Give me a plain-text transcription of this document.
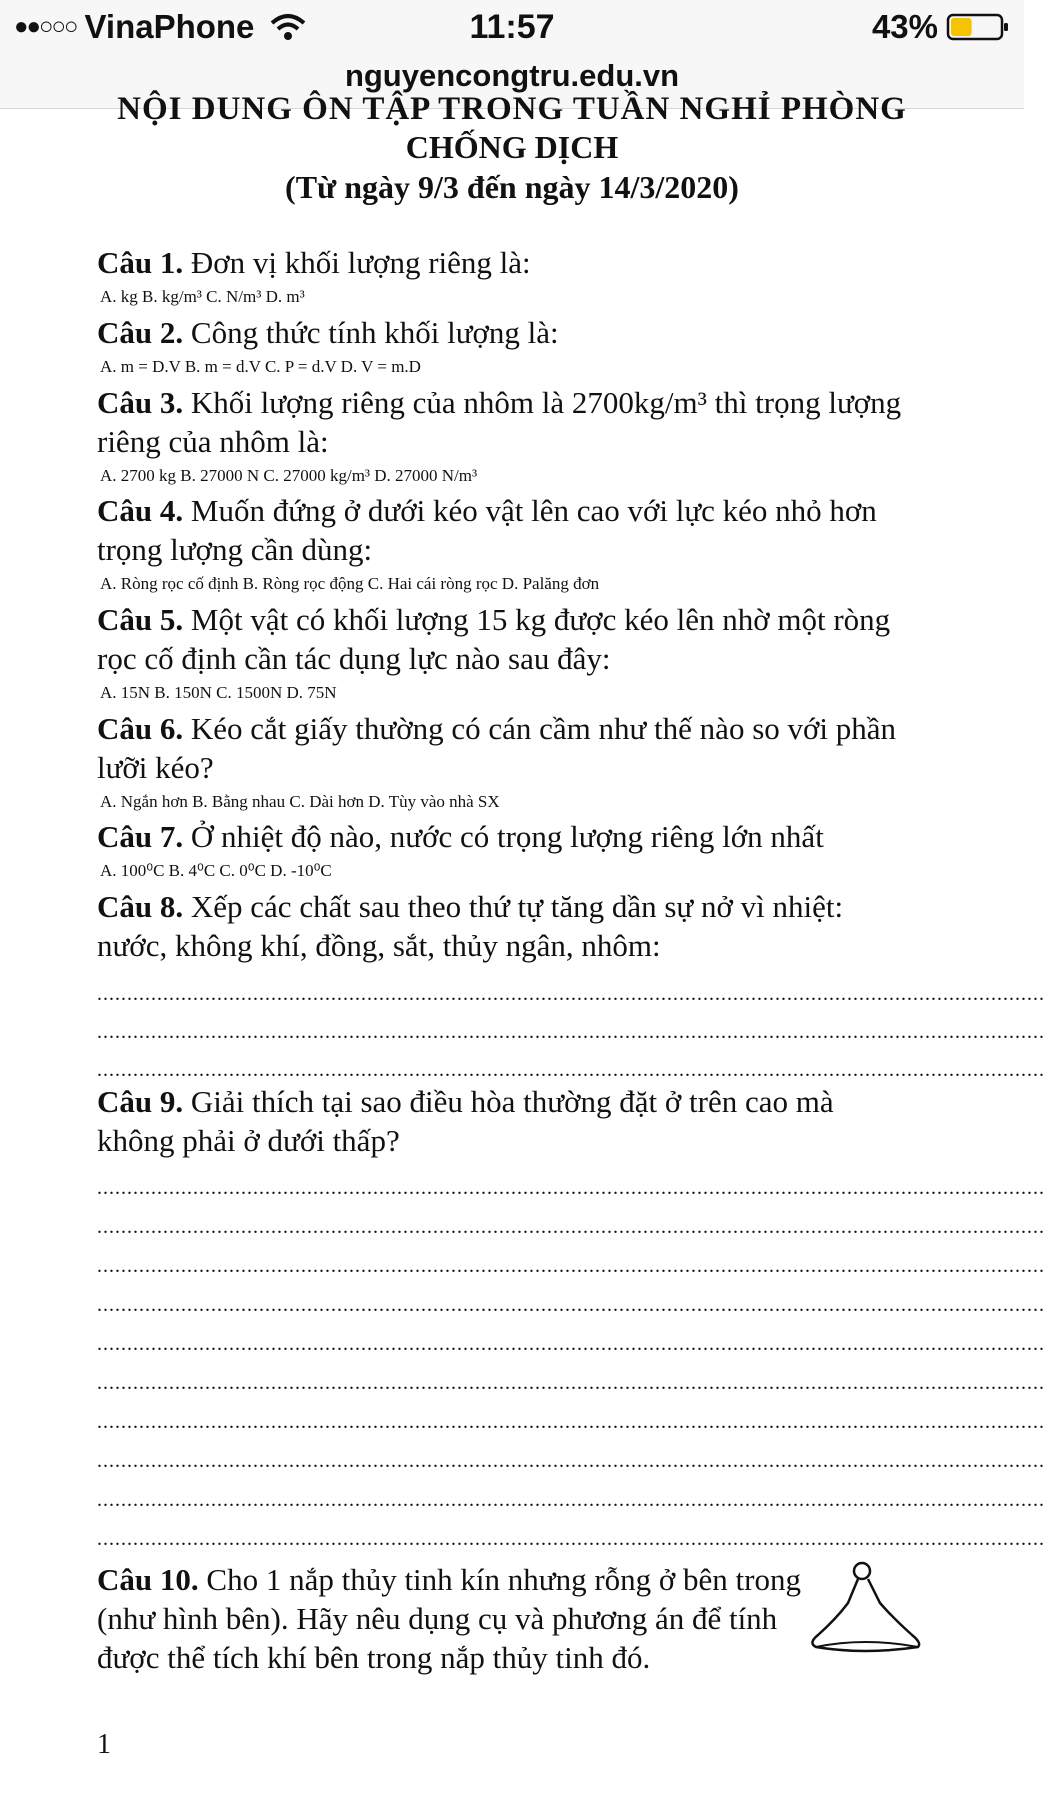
●●○○○ VinaPhone	11:57	43%
nguyencongtru.edu.vn
NỘI DUNG ÔN TẬP TRONG TUẦN NGHỈ PHÒNG
CHỐNG DỊCH
(Từ ngày 9/3 đến ngày 14/3/2020)
Câu 1. Đơn vị khối lượng riêng là:
A. kg B. kg/m³ C. N/m³ D. m³
Câu 2. Công thức tính khối lượng là:
A. m = D.V B. m = d.V C. P = d.V D. V = m.D
Câu 3. Khối lượng riêng của nhôm là 2700kg/m³ thì trọng lượng riêng của nhôm là:
A. 2700 kg B. 27000 N C. 27000 kg/m³ D. 27000 N/m³
Câu 4. Muốn đứng ở dưới kéo vật lên cao với lực kéo nhỏ hơn trọng lượng cần dùng:
A. Ròng rọc cố định B. Ròng rọc động C. Hai cái ròng rọc D. Palăng đơn
Câu 5. Một vật có khối lượng 15 kg được kéo lên nhờ một ròng rọc cố định cần tác dụng lực nào sau đây:
A. 15N B. 150N C. 1500N D. 75N
Câu 6. Kéo cắt giấy thường có cán cầm như thế nào so với phần lưỡi kéo?
A. Ngắn hơn B. Bằng nhau C. Dài hơn D. Tùy vào nhà SX
Câu 7. Ở nhiệt độ nào, nước có trọng lượng riêng lớn nhất
A. 100⁰C B. 4⁰C C. 0⁰C D. -10⁰C
Câu 8. Xếp các chất sau theo thứ tự tăng dần sự nở vì nhiệt: nước, không khí, đồng, sắt, thủy ngân, nhôm:
..............................................................................................................................................................
..............................................................................................................................................................
..............................................................................................................................................................
Câu 9. Giải thích tại sao điều hòa thường đặt ở trên cao mà không phải ở dưới thấp?
..............................................................................................................................................................
..............................................................................................................................................................
..............................................................................................................................................................
..............................................................................................................................................................
..............................................................................................................................................................
..............................................................................................................................................................
..............................................................................................................................................................
..............................................................................................................................................................
..............................................................................................................................................................
..............................................................................................................................................................
Câu 10. Cho 1 nắp thủy tinh kín nhưng rỗng ở bên trong (như hình bên). Hãy nêu dụng cụ và phương án để tính được thể tích khí bên trong nắp thủy tinh đó.
1
